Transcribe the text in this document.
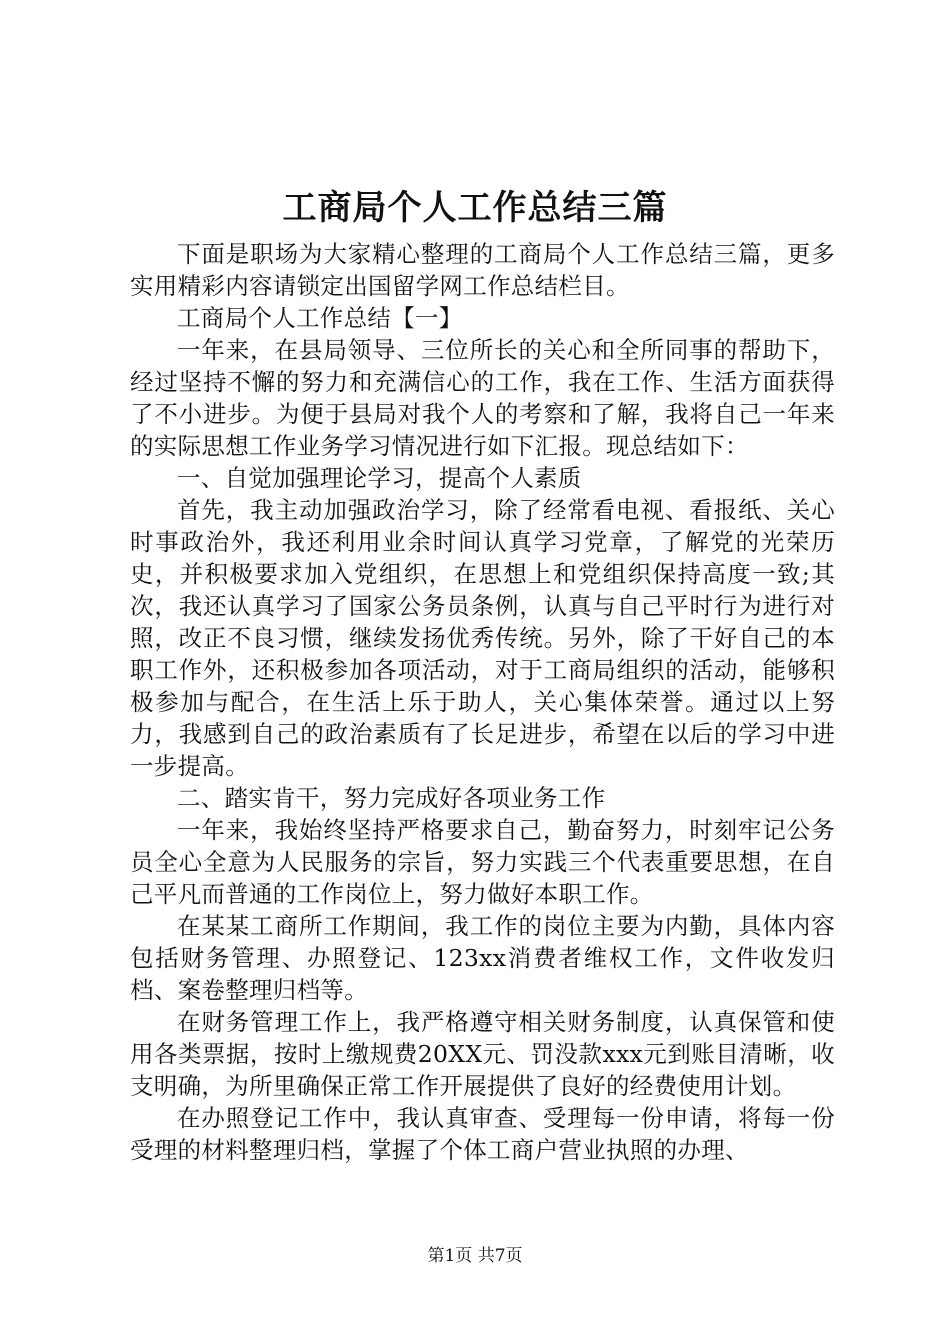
工商局个人工作总结三篇

下面是职场为大家精心整理的工商局个人工作总结三篇，更多实用精彩内容请锁定出国留学网工作总结栏目。

工商局个人工作总结【一】

一年来，在县局领导、三位所长的关心和全所同事的帮助下，经过坚持不懈的努力和充满信心的工作，我在工作、生活方面获得了不小进步。为便于县局对我个人的考察和了解，我将自己一年来的实际思想工作业务学习情况进行如下汇报。现总结如下：

一、自觉加强理论学习，提高个人素质

首先，我主动加强政治学习，除了经常看电视、看报纸、关心时事政治外，我还利用业余时间认真学习党章，了解党的光荣历史，并积极要求加入党组织，在思想上和党组织保持高度一致;其次，我还认真学习了国家公务员条例，认真与自己平时行为进行对照，改正不良习惯，继续发扬优秀传统。另外，除了干好自己的本职工作外，还积极参加各项活动，对于工商局组织的活动，能够积极参加与配合，在生活上乐于助人，关心集体荣誉。通过以上努力，我感到自己的政治素质有了长足进步，希望在以后的学习中进一步提高。

二、踏实肯干，努力完成好各项业务工作

一年来，我始终坚持严格要求自己，勤奋努力，时刻牢记公务员全心全意为人民服务的宗旨，努力实践三个代表重要思想，在自己平凡而普通的工作岗位上，努力做好本职工作。

在某某工商所工作期间，我工作的岗位主要为内勤，具体内容包括财务管理、办照登记、123xx消费者维权工作，文件收发归档、案卷整理归档等。

在财务管理工作上，我严格遵守相关财务制度，认真保管和使用各类票据，按时上缴规费20XX元、罚没款xxx元到账目清晰，收支明确，为所里确保正常工作开展提供了良好的经费使用计划。

在办照登记工作中，我认真审查、受理每一份申请，将每一份受理的材料整理归档，掌握了个体工商户营业执照的办理、

第1页 共7页
